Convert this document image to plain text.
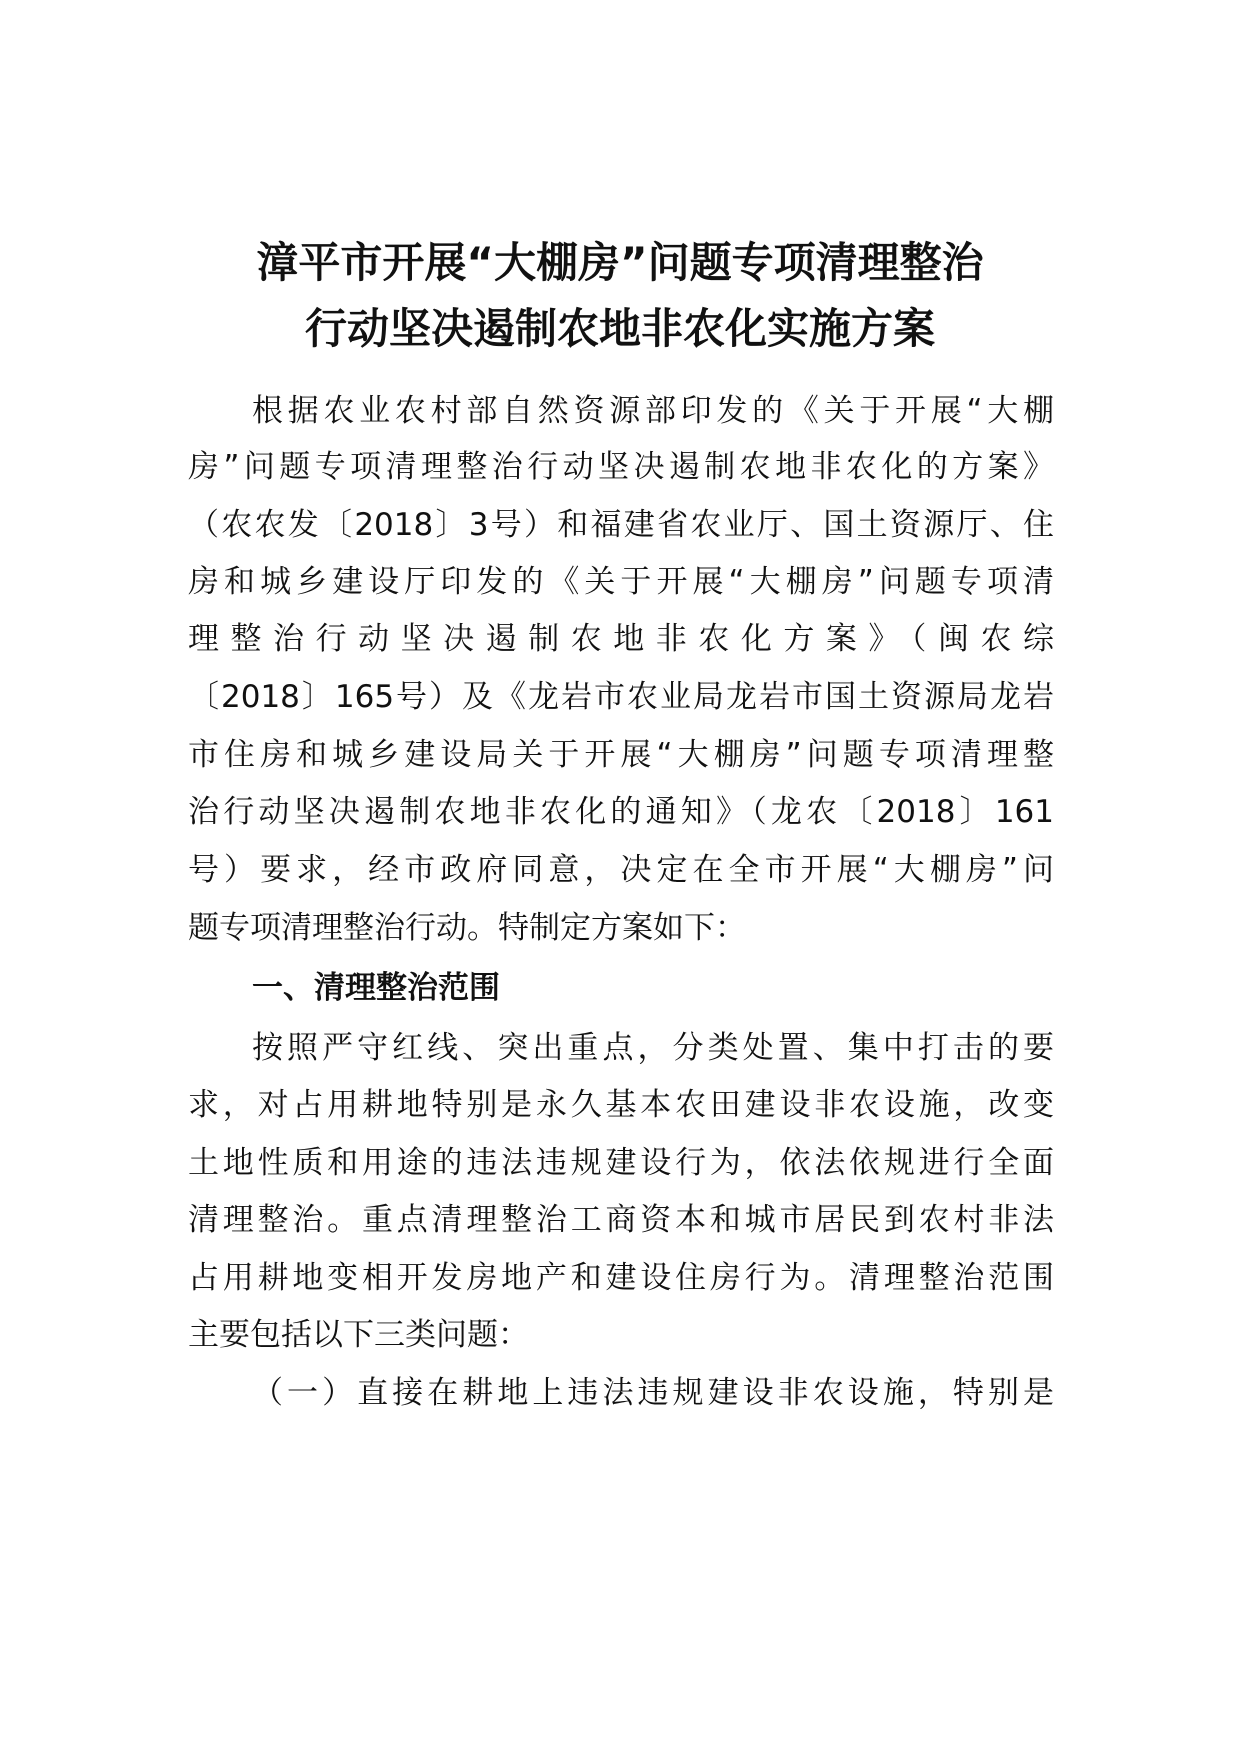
漳平市开展“大棚房”问题专项清理整治
行动坚决遏制农地非农化实施方案
根据农业农村部自然资源部印发的《关于开展“大棚
房”问题专项清理整治行动坚决遏制农地非农化的方案》
（农农发〔2018〕3号）和福建省农业厅、国土资源厅、住
房和城乡建设厅印发的《关于开展“大棚房”问题专项清
理整治行动坚决遏制农地非农化方案》（闽农综
〔2018〕165号）及《龙岩市农业局龙岩市国土资源局龙岩
市住房和城乡建设局关于开展“大棚房”问题专项清理整
治行动坚决遏制农地非农化的通知》（龙农〔2018〕161
号）要求，经市政府同意，决定在全市开展“大棚房”问
题专项清理整治行动。特制定方案如下：
一、清理整治范围
按照严守红线、突出重点，分类处置、集中打击的要
求，对占用耕地特别是永久基本农田建设非农设施，改变
土地性质和用途的违法违规建设行为，依法依规进行全面
清理整治。重点清理整治工商资本和城市居民到农村非法
占用耕地变相开发房地产和建设住房行为。清理整治范围
主要包括以下三类问题：
（一）直接在耕地上违法违规建设非农设施，特别是
